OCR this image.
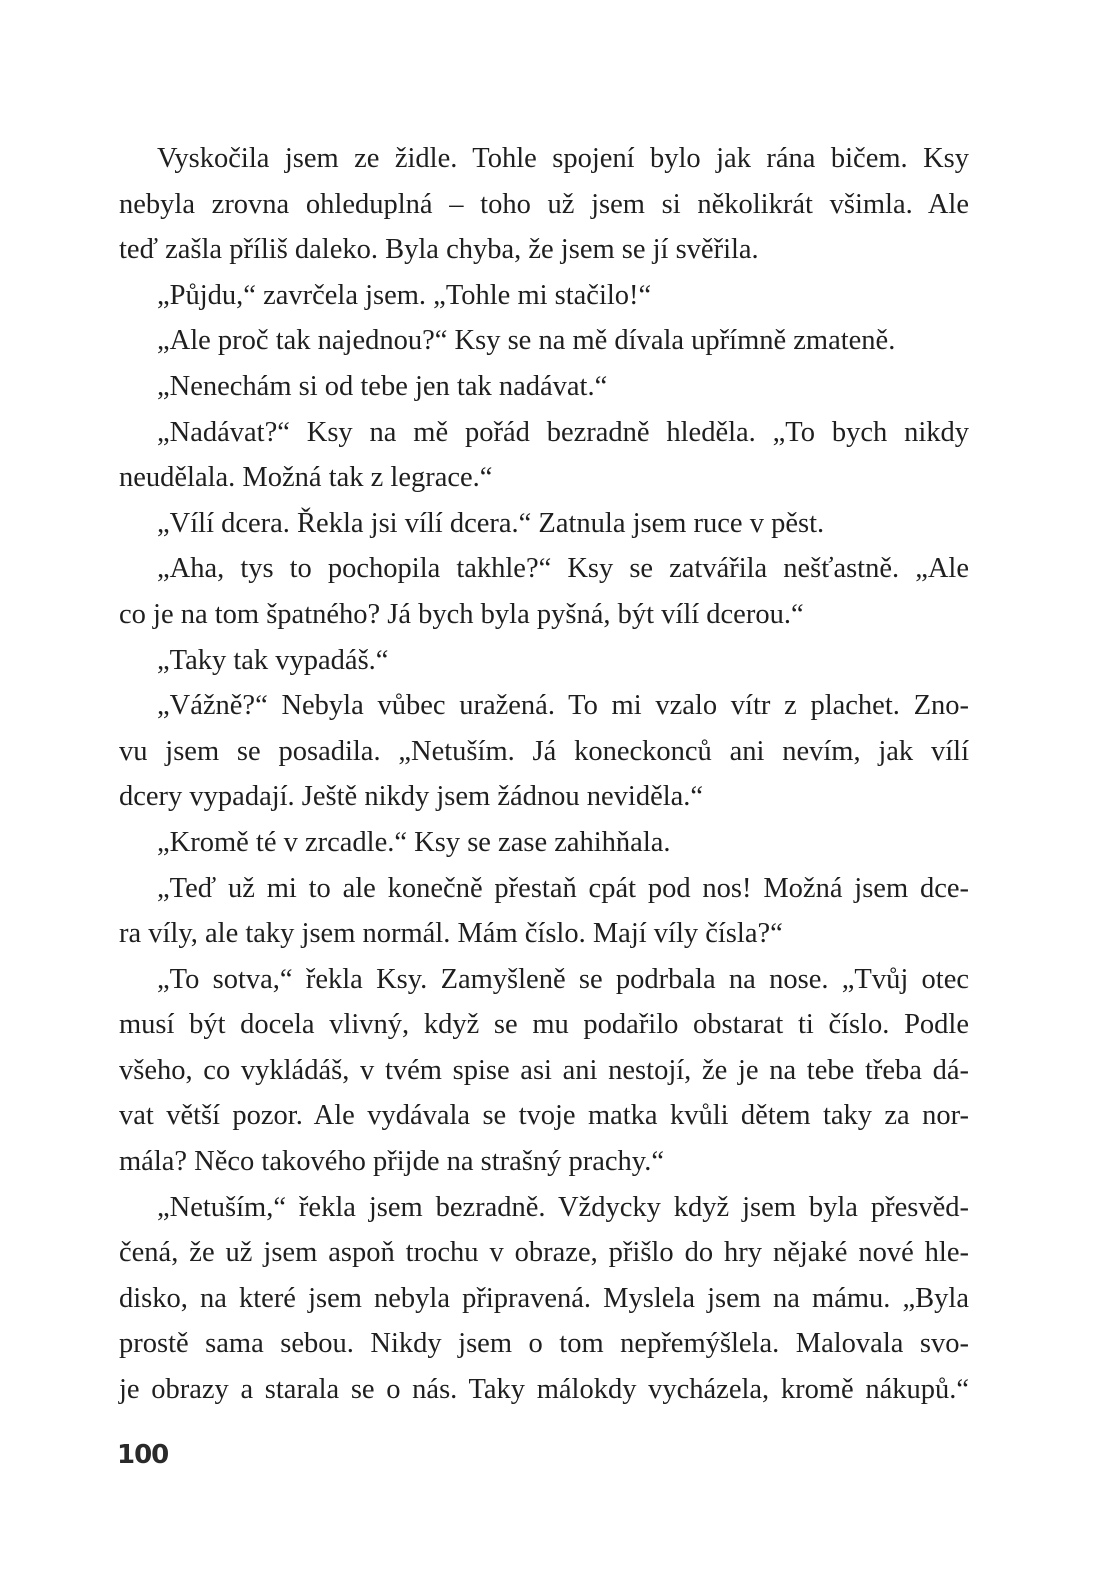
Vyskočila jsem ze židle. Tohle spojení bylo jak rána bičem. Ksy
nebyla zrovna ohleduplná – toho už jsem si několikrát všimla. Ale
teď zašla příliš daleko. Byla chyba, že jsem se jí svěřila.
„Půjdu,“ zavrčela jsem. „Tohle mi stačilo!“
„Ale proč tak najednou?“ Ksy se na mě dívala upřímně zmateně.
„Nenechám si od tebe jen tak nadávat.“
„Nadávat?“ Ksy na mě pořád bezradně hleděla. „To bych nikdy
neudělala. Možná tak z legrace.“
„Vílí dcera. Řekla jsi vílí dcera.“ Zatnula jsem ruce v pěst.
„Aha, tys to pochopila takhle?“ Ksy se zatvářila nešťastně. „Ale
co je na tom špatného? Já bych byla pyšná, být vílí dcerou.“
„Taky tak vypadáš.“
„Vážně?“ Nebyla vůbec uražená. To mi vzalo vítr z plachet. Zno-
vu jsem se posadila. „Netuším. Já koneckonců ani nevím, jak vílí
dcery vypadají. Ještě nikdy jsem žádnou neviděla.“
„Kromě té v zrcadle.“ Ksy se zase zahihňala.
„Teď už mi to ale konečně přestaň cpát pod nos! Možná jsem dce-
ra víly, ale taky jsem normál. Mám číslo. Mají víly čísla?“
„To sotva,“ řekla Ksy. Zamyšleně se podrbala na nose. „Tvůj otec
musí být docela vlivný, když se mu podařilo obstarat ti číslo. Podle
všeho, co vykládáš, v tvém spise asi ani nestojí, že je na tebe třeba dá-
vat větší pozor. Ale vydávala se tvoje matka kvůli dětem taky za nor-
mála? Něco takového přijde na strašný prachy.“
„Netuším,“ řekla jsem bezradně. Vždycky když jsem byla přesvěd-
čená, že už jsem aspoň trochu v obraze, přišlo do hry nějaké nové hle-
disko, na které jsem nebyla připravená. Myslela jsem na mámu. „Byla
prostě sama sebou. Nikdy jsem o tom nepřemýšlela. Malovala svo-
je obrazy a starala se o nás. Taky málokdy vycházela, kromě nákupů.“
100
